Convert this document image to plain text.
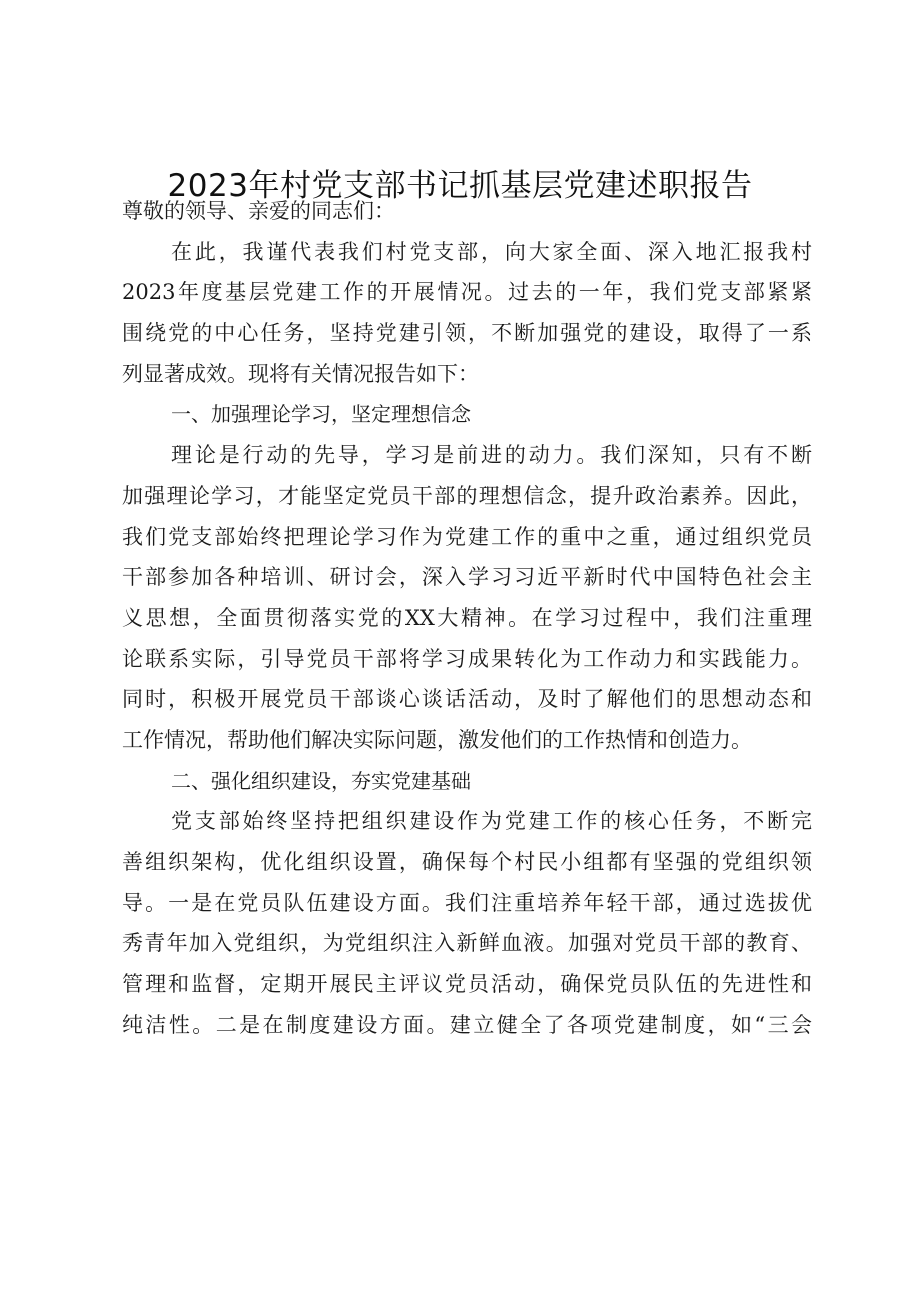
2023年村党支部书记抓基层党建述职报告
尊敬的领导、亲爱的同志们：
在此，我谨代表我们村党支部，向大家全面、深入地汇报我村
2023年度基层党建工作的开展情况。过去的一年，我们党支部紧紧
围绕党的中心任务，坚持党建引领，不断加强党的建设，取得了一系
列显著成效。现将有关情况报告如下：
一、加强理论学习，坚定理想信念
理论是行动的先导，学习是前进的动力。我们深知，只有不断
加强理论学习，才能坚定党员干部的理想信念，提升政治素养。因此，
我们党支部始终把理论学习作为党建工作的重中之重，通过组织党员
干部参加各种培训、研讨会，深入学习习近平新时代中国特色社会主
义思想，全面贯彻落实党的XX大精神。在学习过程中，我们注重理
论联系实际，引导党员干部将学习成果转化为工作动力和实践能力。
同时，积极开展党员干部谈心谈话活动，及时了解他们的思想动态和
工作情况，帮助他们解决实际问题，激发他们的工作热情和创造力。
二、强化组织建设，夯实党建基础
党支部始终坚持把组织建设作为党建工作的核心任务，不断完
善组织架构，优化组织设置，确保每个村民小组都有坚强的党组织领
导。一是在党员队伍建设方面。我们注重培养年轻干部，通过选拔优
秀青年加入党组织，为党组织注入新鲜血液。加强对党员干部的教育、
管理和监督，定期开展民主评议党员活动，确保党员队伍的先进性和
纯洁性。二是在制度建设方面。建立健全了各项党建制度，如“三会
